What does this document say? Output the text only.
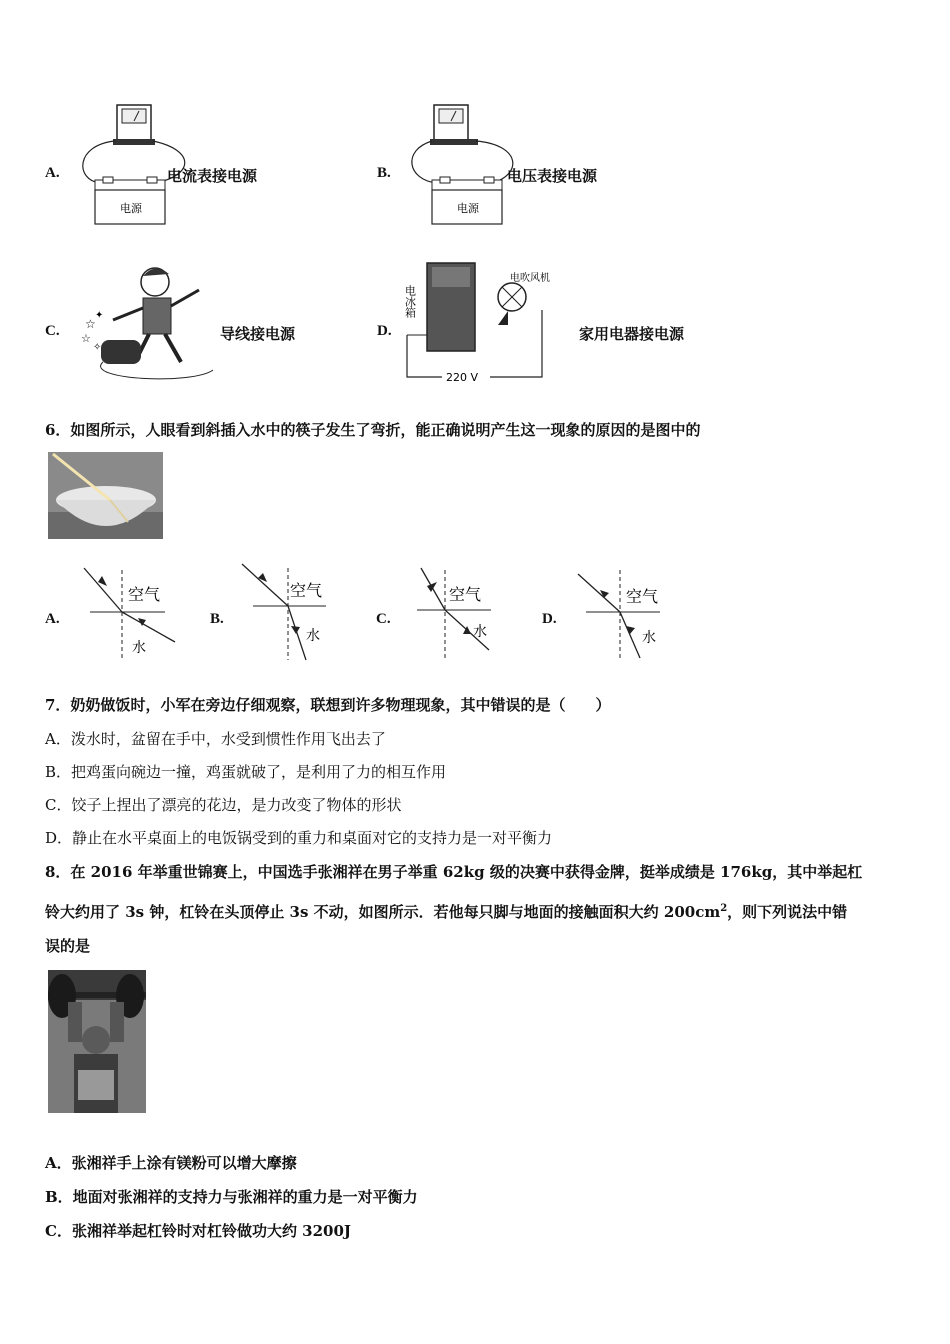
A.
电源
电流表接电源	B.
电源
电压表接电源
C. ☆
✦
☆
✧
导线接电源	D.
电冰箱
电吹风机
220 V
家用电器接电源
6．如图所示，人眼看到斜插入水中的筷子发生了弯折，能正确说明产生这一现象的原因的是图中的
A.
空气
水
B.
空气
水
C.
空气
水
D.
空气
水
7．奶奶做饭时，小军在旁边仔细观察，联想到许多物理现象，其中错误的是（　　）
A．泼水时，盆留在手中，水受到惯性作用飞出去了
B．把鸡蛋向碗边一撞，鸡蛋就破了，是利用了力的相互作用
C．饺子上捏出了漂亮的花边，是力改变了物体的形状
D．静止在水平桌面上的电饭锅受到的重力和桌面对它的支持力是一对平衡力
8．在 2016 年举重世锦赛上，中国选手张湘祥在男子举重 62kg 级的决赛中获得金牌，挺举成绩是 176kg，其中举起杠
铃大约用了 3s 钟，杠铃在头顶停止 3s 不动，如图所示．若他每只脚与地面的接触面积大约 $200cm^2$，则下列说法中错
误的是
A．张湘祥手上涂有镁粉可以增大摩擦
B．地面对张湘祥的支持力与张湘祥的重力是一对平衡力
C．张湘祥举起杠铃时对杠铃做功大约 3200J
